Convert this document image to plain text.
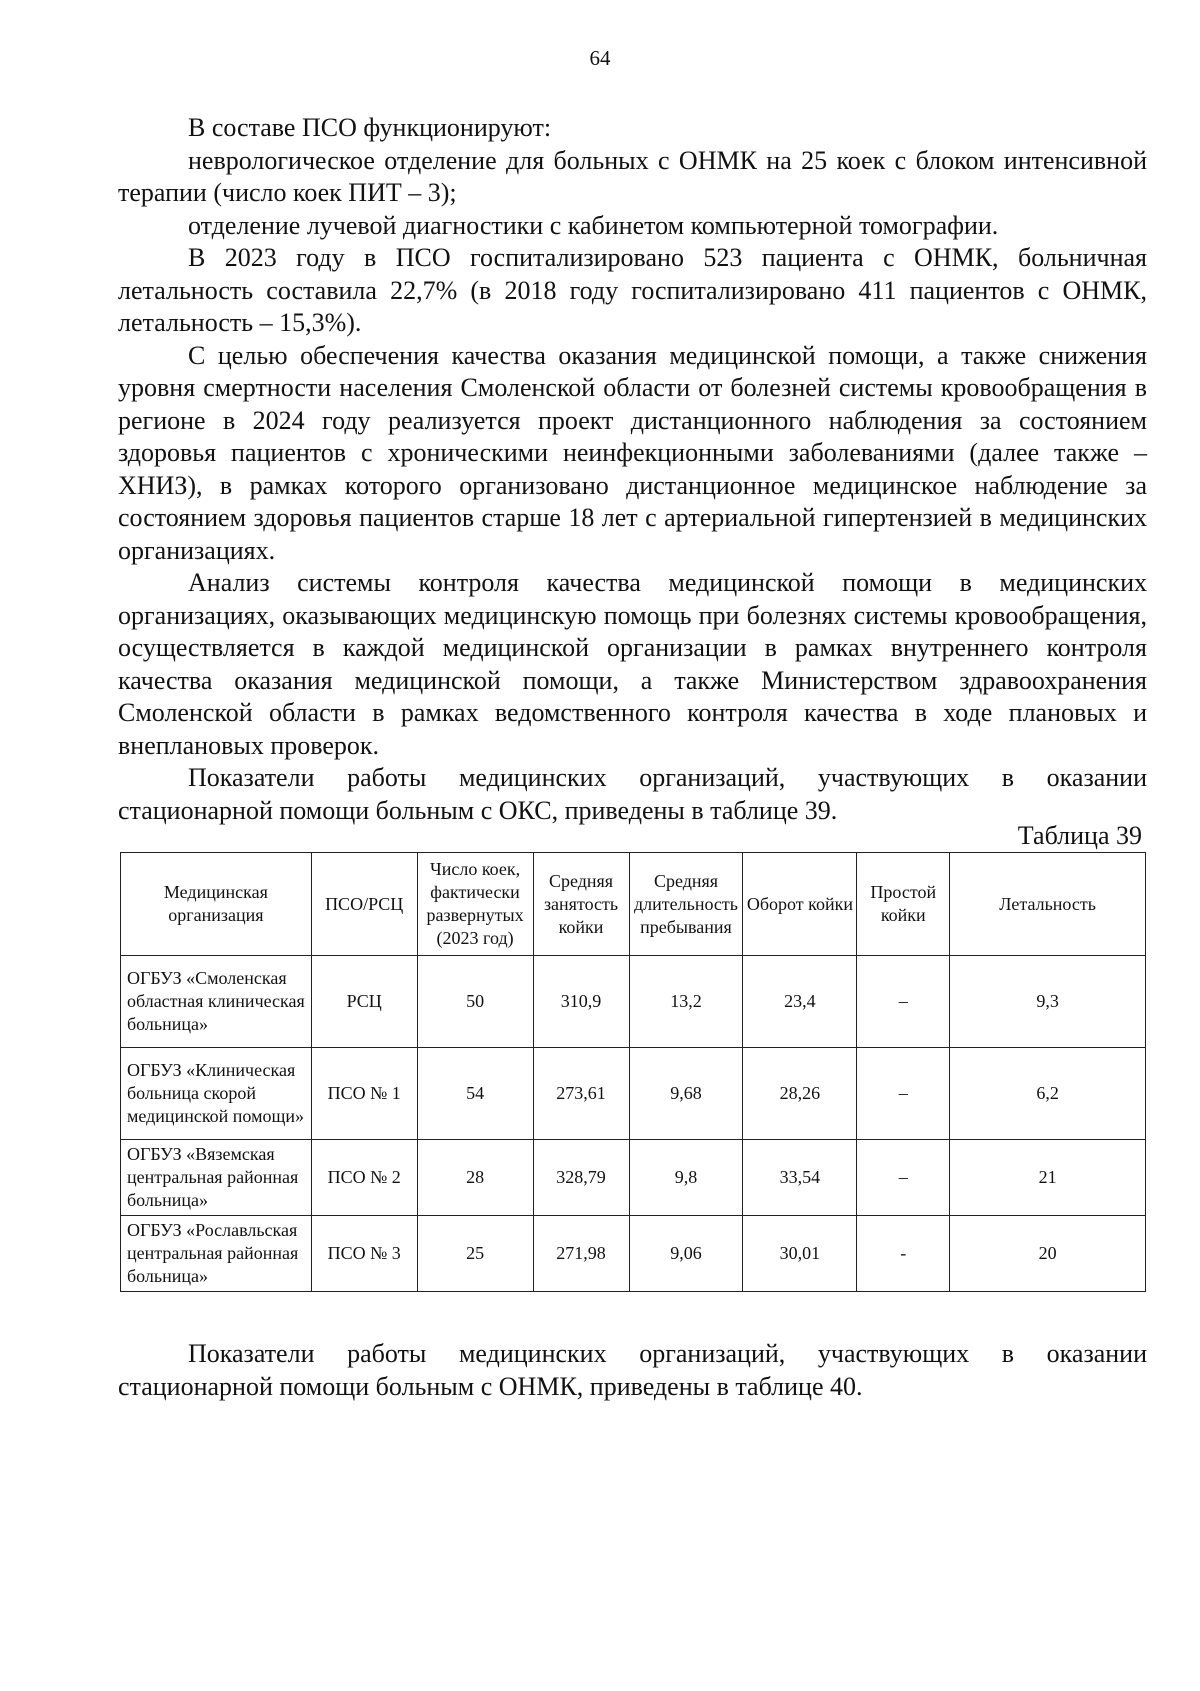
64

В составе ПСО функционируют:

неврологическое отделение для больных с ОНМК на 25 коек с блоком интенсивной терапии (число коек ПИТ – 3);

отделение лучевой диагностики с кабинетом компьютерной томографии.

В 2023 году в ПСО госпитализировано 523 пациента с ОНМК, больничная летальность составила 22,7% (в 2018 году госпитализировано 411 пациентов с ОНМК, летальность – 15,3%).

С целью обеспечения качества оказания медицинской помощи, а также снижения уровня смертности населения Смоленской области от болезней системы кровообращения в регионе в 2024 году реализуется проект дистанционного наблюдения за состоянием здоровья пациентов с хроническими неинфекционными заболеваниями (далее также – ХНИЗ), в рамках которого организовано дистанционное медицинское наблюдение за состоянием здоровья пациентов старше 18 лет с артериальной гипертензией в медицинских организациях.

Анализ системы контроля качества медицинской помощи в медицинских организациях, оказывающих медицинскую помощь при болезнях системы кровообращения, осуществляется в каждой медицинской организации в рамках внутреннего контроля качества оказания медицинской помощи, а также Министерством здравоохранения Смоленской области в рамках ведомственного контроля качества в ходе плановых и внеплановых проверок.

Показатели работы медицинских организаций, участвующих в оказании стационарной помощи больным с ОКС, приведены в таблице 39.

Таблица 39
Медицинская организация	ПСО/РСЦ	Число коек, фактически развернутых (2023 год)	Средняя занятость койки	Средняя длительность пребывания	Оборот койки	Простой койки	Летальность
ОГБУЗ «Смоленская областная клиническая больница»	РСЦ	50	310,9	13,2	23,4	–	9,3
ОГБУЗ «Клиническая больница скорой медицинской помощи»	ПСО № 1	54	273,61	9,68	28,26	–	6,2
ОГБУЗ «Вяземская центральная районная больница»	ПСО № 2	28	328,79	9,8	33,54	–	21
ОГБУЗ «Рославльская центральная районная больница»	ПСО № 3	25	271,98	9,06	30,01	-	20

Показатели работы медицинских организаций, участвующих в оказании стационарной помощи больным с ОНМК, приведены в таблице 40.
